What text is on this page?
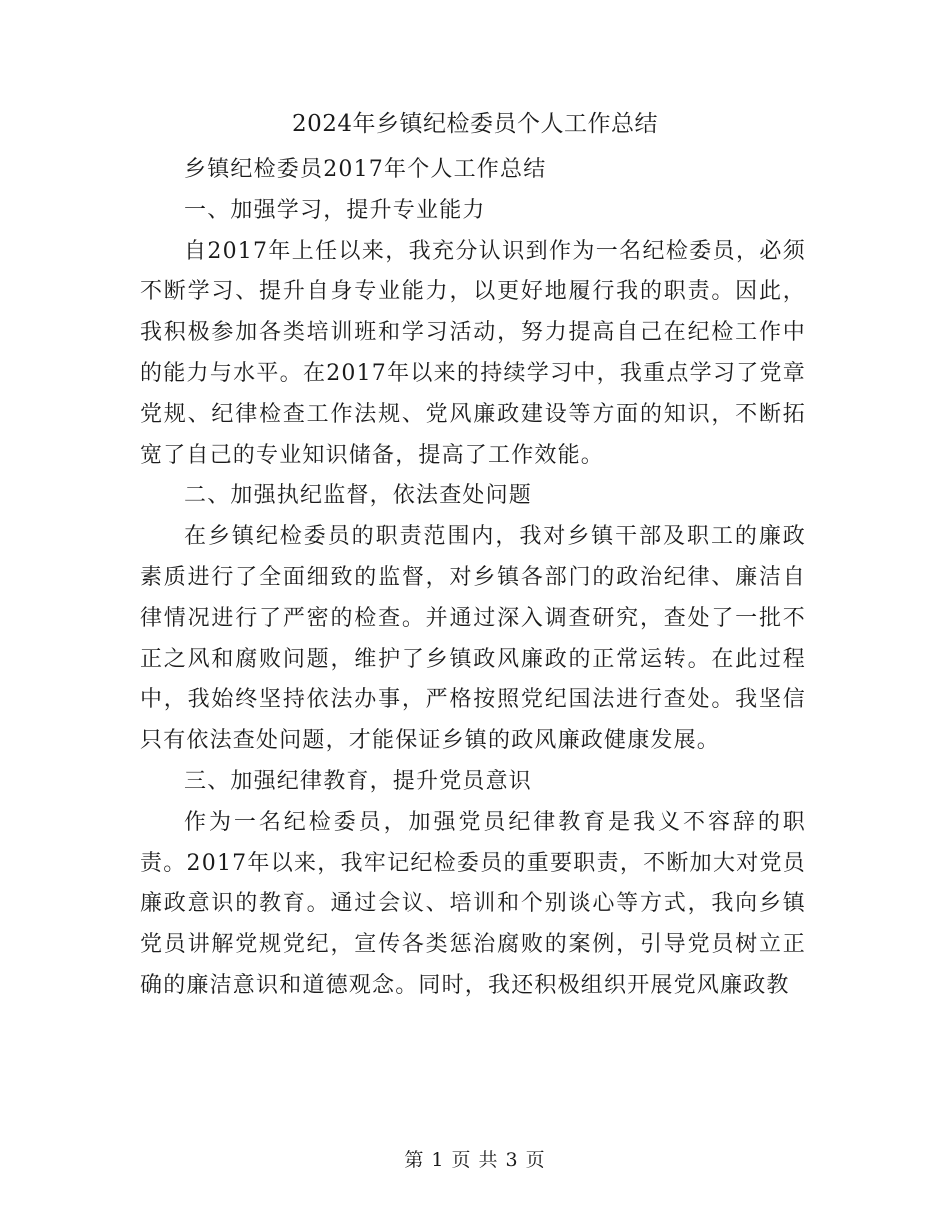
2024年乡镇纪检委员个人工作总结

乡镇纪检委员2017年个人工作总结

一、加强学习，提升专业能力

自2017年上任以来，我充分认识到作为一名纪检委员，必须不断学习、提升自身专业能力，以更好地履行我的职责。因此，我积极参加各类培训班和学习活动，努力提高自己在纪检工作中的能力与水平。在2017年以来的持续学习中，我重点学习了党章党规、纪律检查工作法规、党风廉政建设等方面的知识，不断拓宽了自己的专业知识储备，提高了工作效能。

二、加强执纪监督，依法查处问题

在乡镇纪检委员的职责范围内，我对乡镇干部及职工的廉政素质进行了全面细致的监督，对乡镇各部门的政治纪律、廉洁自律情况进行了严密的检查。并通过深入调查研究，查处了一批不正之风和腐败问题，维护了乡镇政风廉政的正常运转。在此过程中，我始终坚持依法办事，严格按照党纪国法进行查处。我坚信只有依法查处问题，才能保证乡镇的政风廉政健康发展。

三、加强纪律教育，提升党员意识

作为一名纪检委员，加强党员纪律教育是我义不容辞的职责。2017年以来，我牢记纪检委员的重要职责，不断加大对党员廉政意识的教育。通过会议、培训和个别谈心等方式，我向乡镇党员讲解党规党纪，宣传各类惩治腐败的案例，引导党员树立正确的廉洁意识和道德观念。同时，我还积极组织开展党风廉政教

第 1 页 共 3 页
